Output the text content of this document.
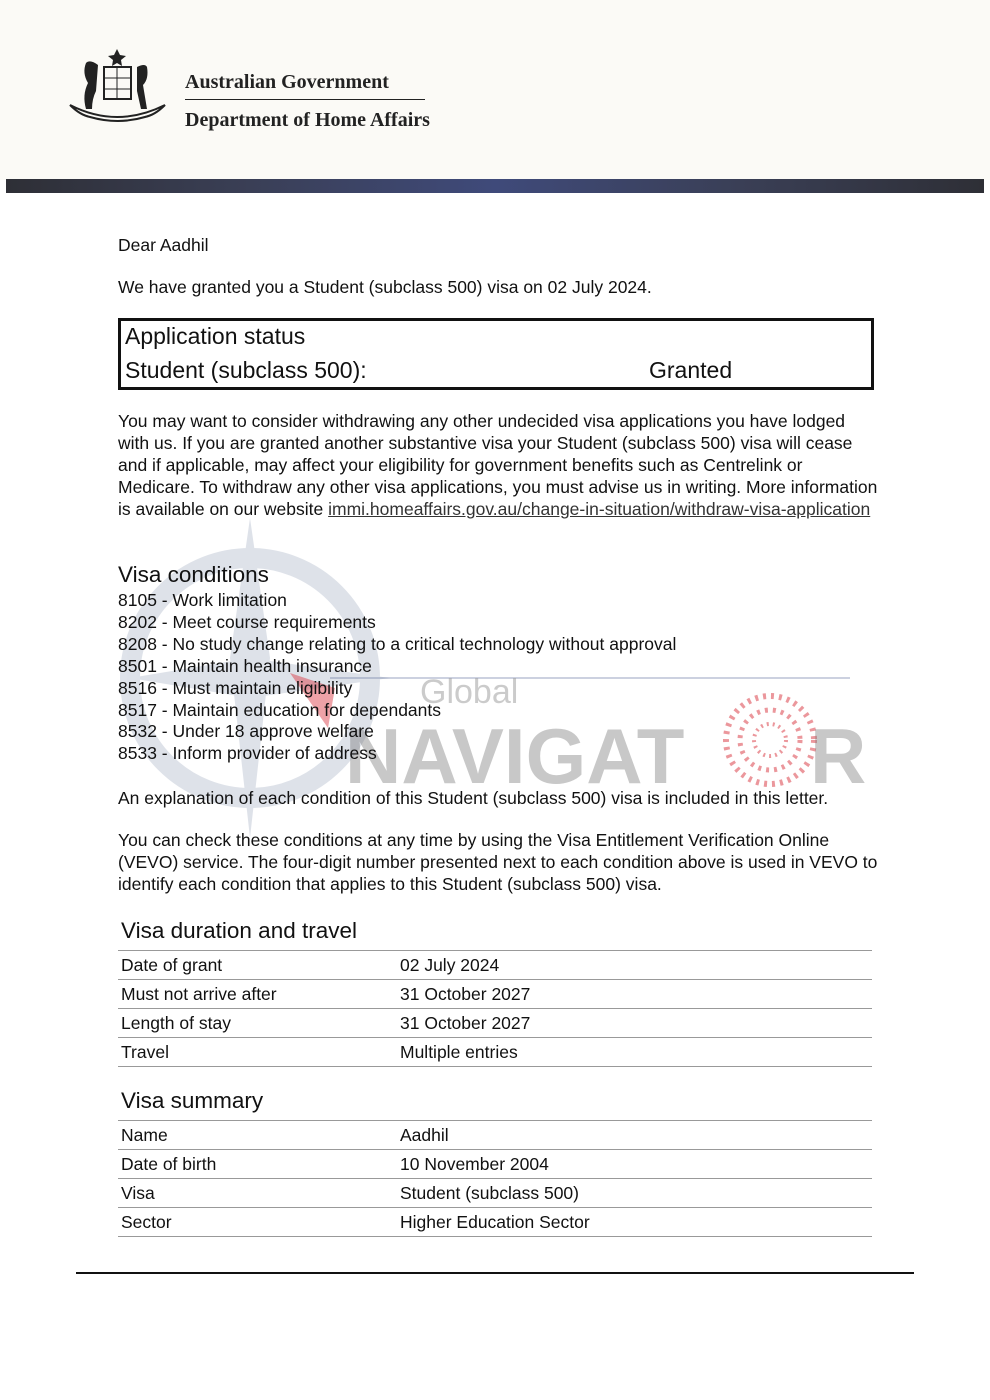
Australian Government
Department of Home Affairs
Global
NAVIGAT R
Dear Aadhil
We have granted you a Student (subclass 500) visa on 02 July 2024.
Application status
Student (subclass 500):	Granted
You may want to consider withdrawing any other undecided visa applications you have lodged with us. If you are granted another substantive visa your Student (subclass 500) visa will cease and if applicable, may affect your eligibility for government benefits such as Centrelink or Medicare. To withdraw any other visa applications, you must advise us in writing. More information is available on our website immi.homeaffairs.gov.au/change-in-situation/withdraw-visa-application
Visa conditions
8105 - Work limitation
8202 - Meet course requirements
8208 - No study change relating to a critical technology without approval
8501 - Maintain health insurance
8516 - Must maintain eligibility
8517 - Maintain education for dependants
8532 - Under 18 approve welfare
8533 - Inform provider of address
An explanation of each condition of this Student (subclass 500) visa is included in this letter.
You can check these conditions at any time by using the Visa Entitlement Verification Online (VEVO) service. The four-digit number presented next to each condition above is used in VEVO to identify each condition that applies to this Student (subclass 500) visa.
Visa duration and travel
Date of grant	02 July 2024
Must not arrive after	31 October 2027
Length of stay	31 October 2027
Travel	Multiple entries
Visa summary
Name	Aadhil
Date of birth	10 November 2004
Visa	Student (subclass 500)
Sector	Higher Education Sector
